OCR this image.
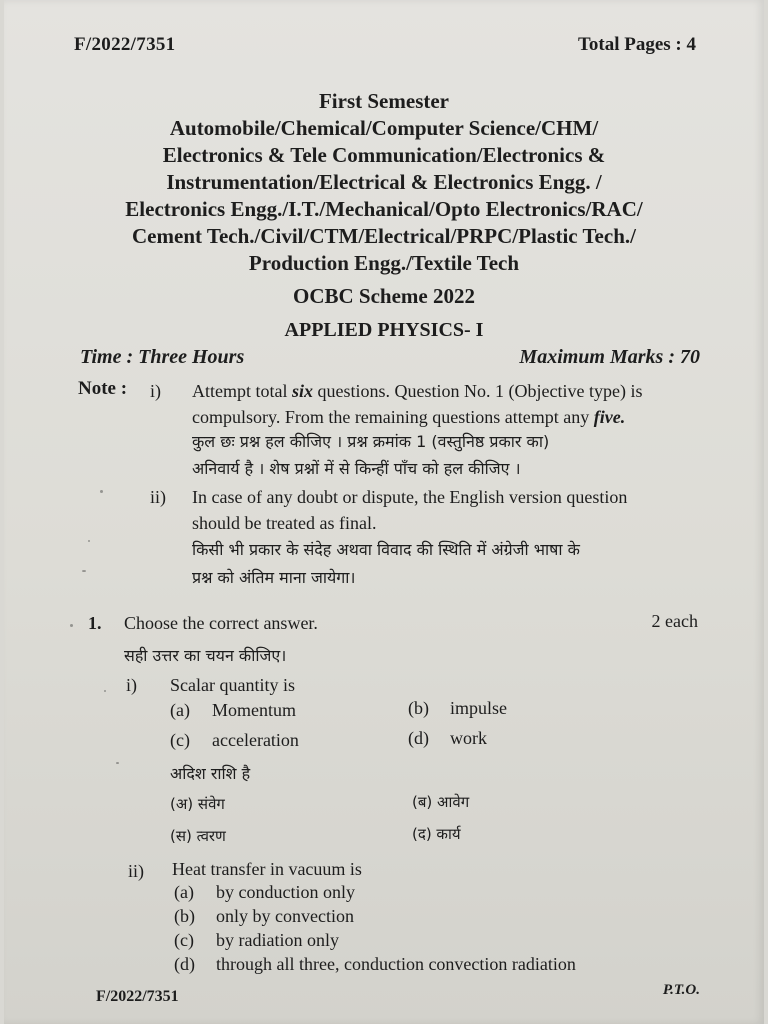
F/2022/7351	Total Pages : 4
First Semester
Automobile/Chemical/Computer Science/CHM/
Electronics & Tele Communication/Electronics &
Instrumentation/Electrical & Electronics Engg. /
Electronics Engg./I.T./Mechanical/Opto Electronics/RAC/
Cement Tech./Civil/CTM/Electrical/PRPC/Plastic Tech./
Production Engg./Textile Tech
OCBC Scheme 2022
APPLIED PHYSICS- I
Time : Three Hours	Maximum Marks : 70
Note : i) Attempt total six questions. Question No. 1 (Objective type) is
compulsory. From the remaining questions attempt any five.
कुल छः प्रश्न हल कीजिए । प्रश्न क्रमांक 1 (वस्तुनिष्ठ प्रकार का)
अनिवार्य है । शेष प्रश्नों में से किन्हीं पाँच को हल कीजिए ।
ii) In case of any doubt or dispute, the English version question
should be treated as final.
किसी भी प्रकार के संदेह अथवा विवाद की स्थिति में अंग्रेजी भाषा के
प्रश्न को अंतिम माना जायेगा।
1. Choose the correct answer.	2 each
सही उत्तर का चयन कीजिए।
i) Scalar quantity is
(a) Momentum	(b) impulse
(c) acceleration	(d) work
अदिश राशि है
(अ) संवेग	(ब) आवेग
(स) त्वरण	(द) कार्य
ii) Heat transfer in vacuum is
(a) by conduction only
(b) only by convection
(c) by radiation only
(d) through all three, conduction convection radiation
F/2022/7351	P.T.O.
